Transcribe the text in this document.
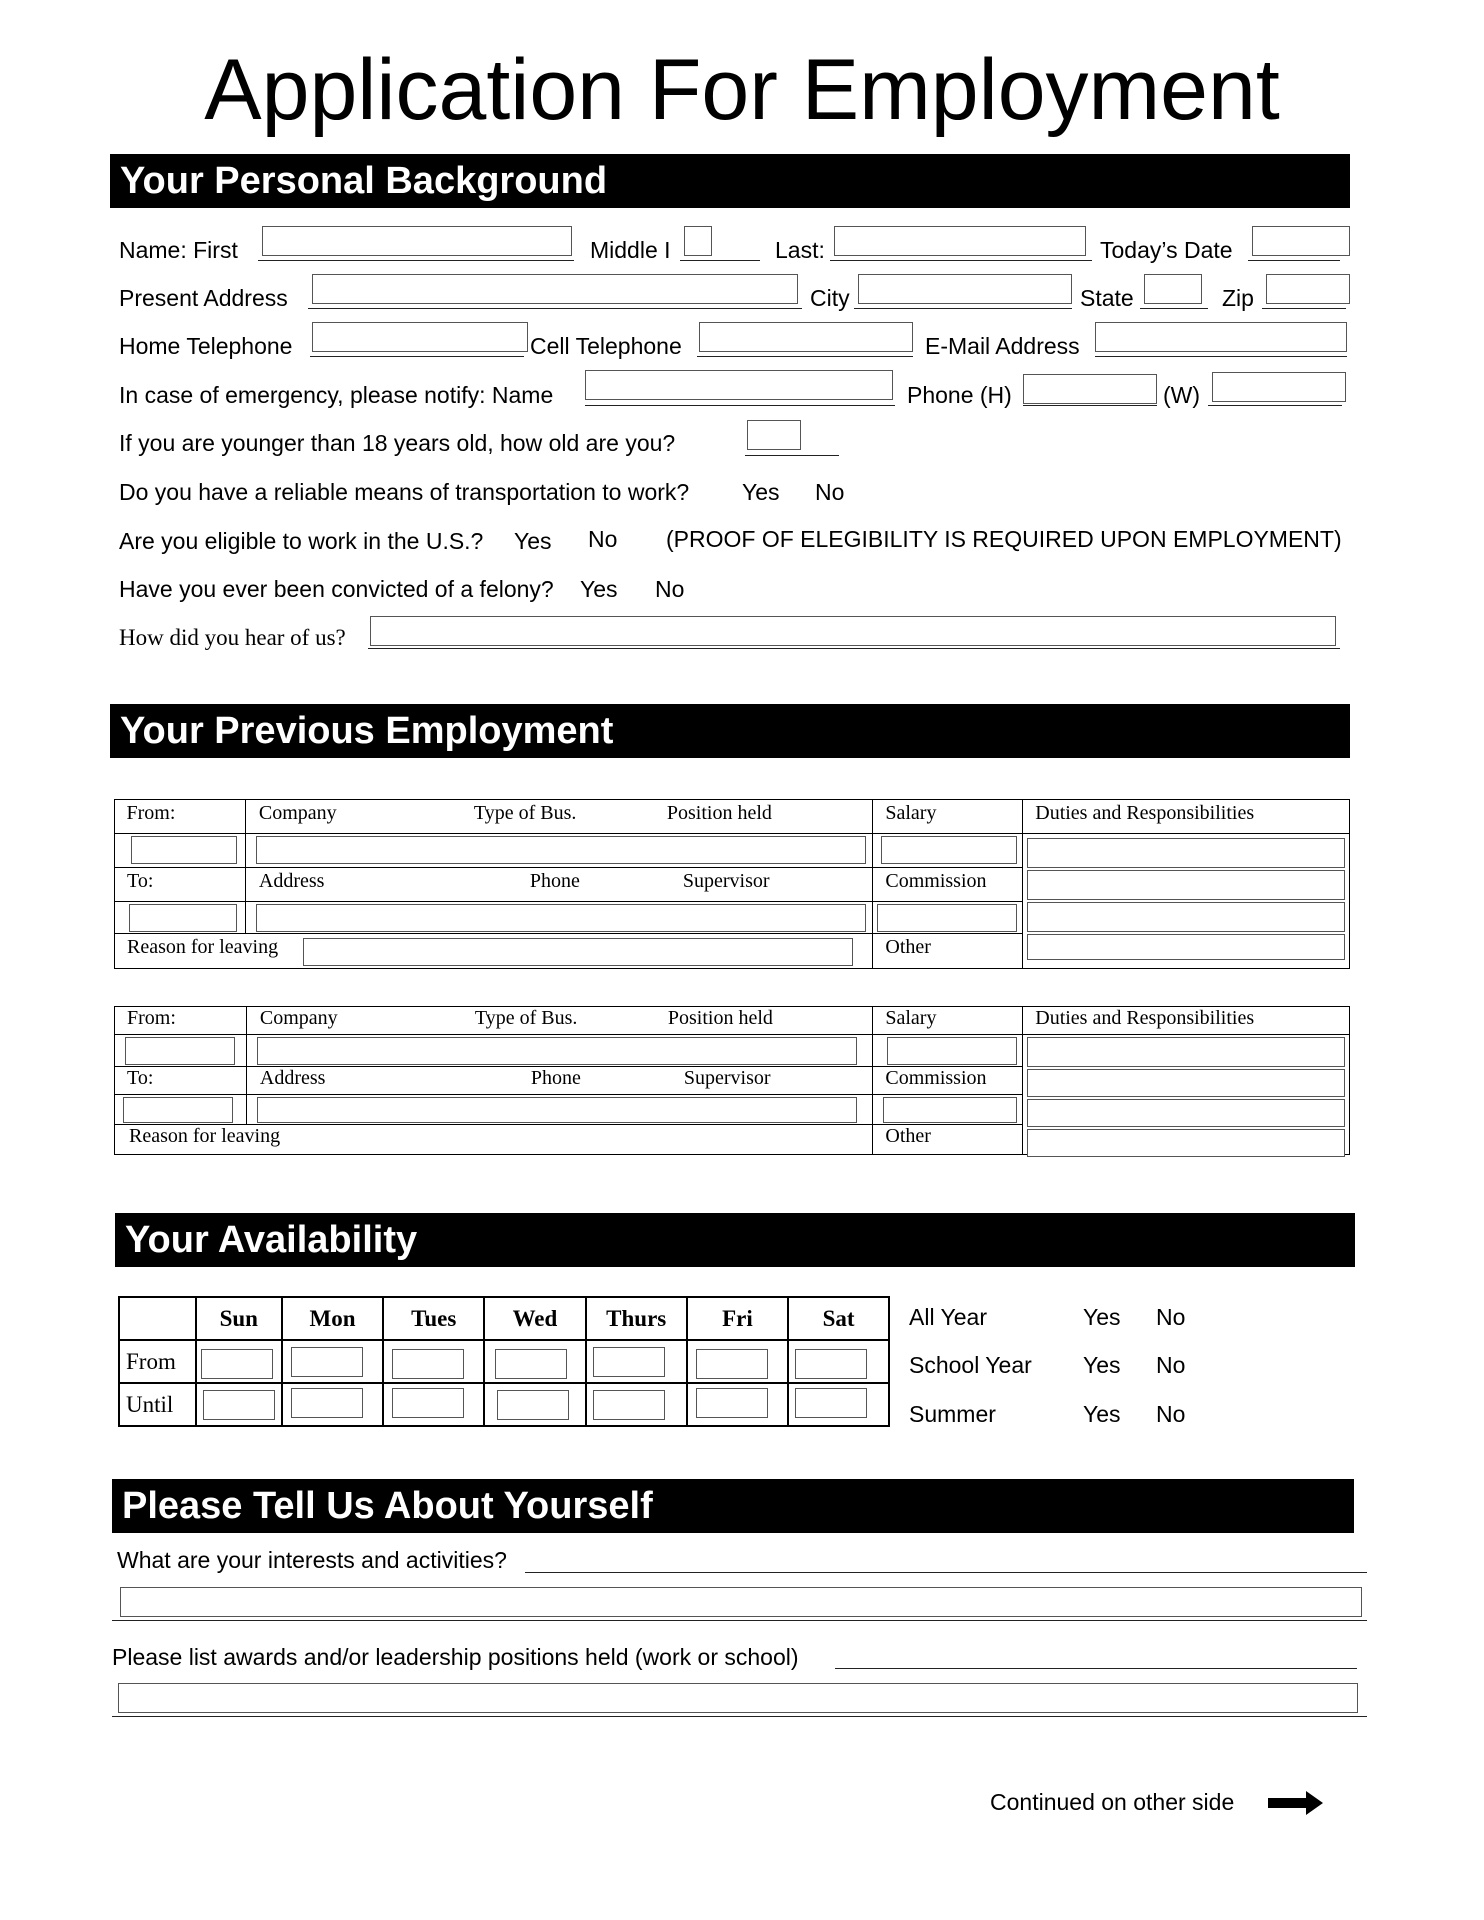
Application For Employment
Your Personal Background
Name: First	Middle I	Last:	Today’s Date
Present Address	City	State	Zip
Home Telephone	Cell Telephone	E-Mail Address
In case of emergency, please notify: Name	Phone (H)	(W)
If you are younger than 18 years old, how old are you?
Do you have a reliable means of transportation to work? Yes No
Are you eligible to work in the U.S.? Yes No (PROOF OF ELEGIBILITY IS REQUIRED UPON EMPLOYMENT)
Have you ever been convicted of a felony? Yes No
How did you hear of us?
Your Previous Employment
From:	Company Type of Bus. Position held	Salary	Duties and Responsibilities

To:	Address Phone Supervisor	Commission	

Reason for leaving		Other	
From:	Company Type of Bus. Position held	Salary	Duties and Responsibilities

To:	Address Phone Supervisor	Commission	

Reason for leaving		Other	
Your Availability
	Sun	Mon	Tues	Wed	Thurs	Fri	Sat
From	

Until	

All Year	Yes No
School Year Yes No
Summer	Yes No
Please Tell Us About Yourself
What are your interests and activities?
Please list awards and/or leadership positions held (work or school)
Continued on other side
